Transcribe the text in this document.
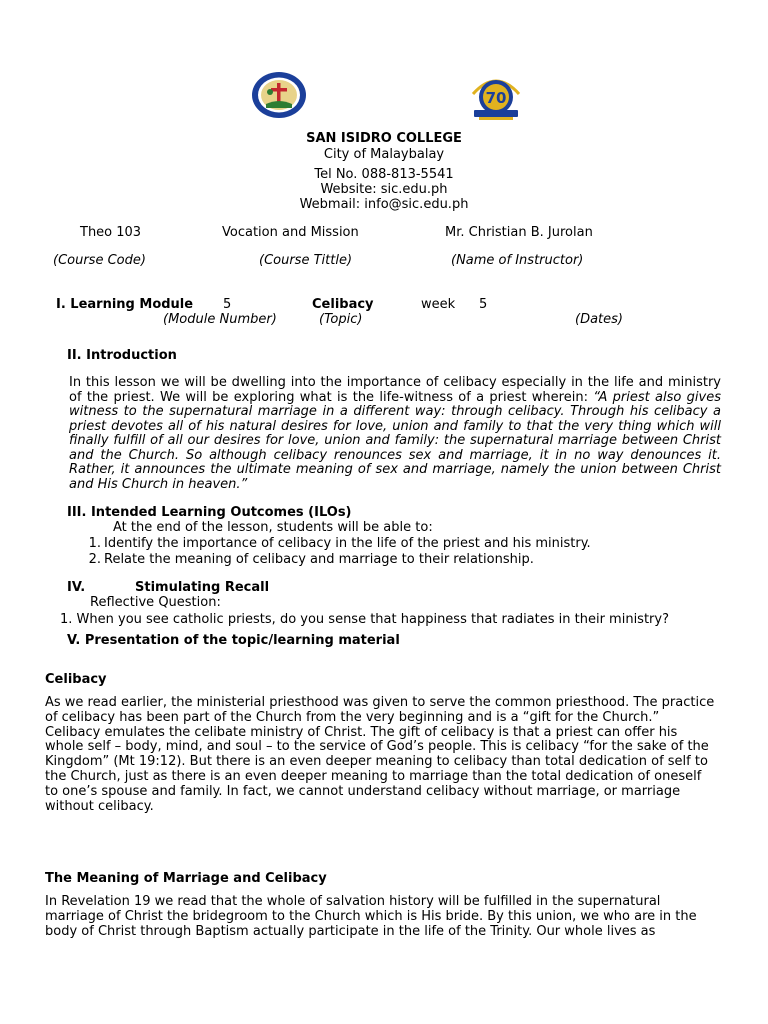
70
SAN ISIDRO COLLEGE
City of Malaybalay
Tel No. 088-813-5541
Website: sic.edu.ph
Webmail: info@sic.edu.ph
Theo 103	Vocation and Mission	Mr. Christian B. Jurolan
(Course Code)	(Course Tittle)	(Name of Instructor)
I. Learning Module 5	Celibacy	week 5
(Module Number)	(Topic)	(Dates)
II. Introduction
In this lesson we will be dwelling into the importance of celibacy especially in the life and ministry of the priest. We will be exploring what is the life-witness of a priest wherein: “A priest also gives witness to the supernatural marriage in a different way: through celibacy. Through his celibacy a priest devotes all of his natural desires for love, union and family to that the very thing which will finally fulfill of all our desires for love, union and family: the supernatural marriage between Christ and the Church. So although celibacy renounces sex and marriage, it in no way denounces it. Rather, it announces the ultimate meaning of sex and marriage, namely the union between Christ and His Church in heaven.”
III. Intended Learning Outcomes (ILOs)
At the end of the lesson, students will be able to:
1. Identify the importance of celibacy in the life of the priest and his ministry.
2. Relate the meaning of celibacy and marriage to their relationship.
IV.	Stimulating Recall
Reflective Question:
1. When you see catholic priests, do you sense that happiness that radiates in their ministry?
V. Presentation of the topic/learning material
Celibacy
As we read earlier, the ministerial priesthood was given to serve the common priesthood. The practice of celibacy has been part of the Church from the very beginning and is a “gift for the Church.” Celibacy emulates the celibate ministry of Christ. The gift of celibacy is that a priest can offer his whole self – body, mind, and soul – to the service of God’s people. This is celibacy “for the sake of the Kingdom” (Mt 19:12). But there is an even deeper meaning to celibacy than total dedication of self to the Church, just as there is an even deeper meaning to marriage than the total dedication of oneself to one’s spouse and family. In fact, we cannot understand celibacy without marriage, or marriage without celibacy.
The Meaning of Marriage and Celibacy
In Revelation 19 we read that the whole of salvation history will be fulfilled in the supernatural marriage of Christ the bridegroom to the Church which is His bride. By this union, we who are in the body of Christ through Baptism actually participate in the life of the Trinity. Our whole lives as
